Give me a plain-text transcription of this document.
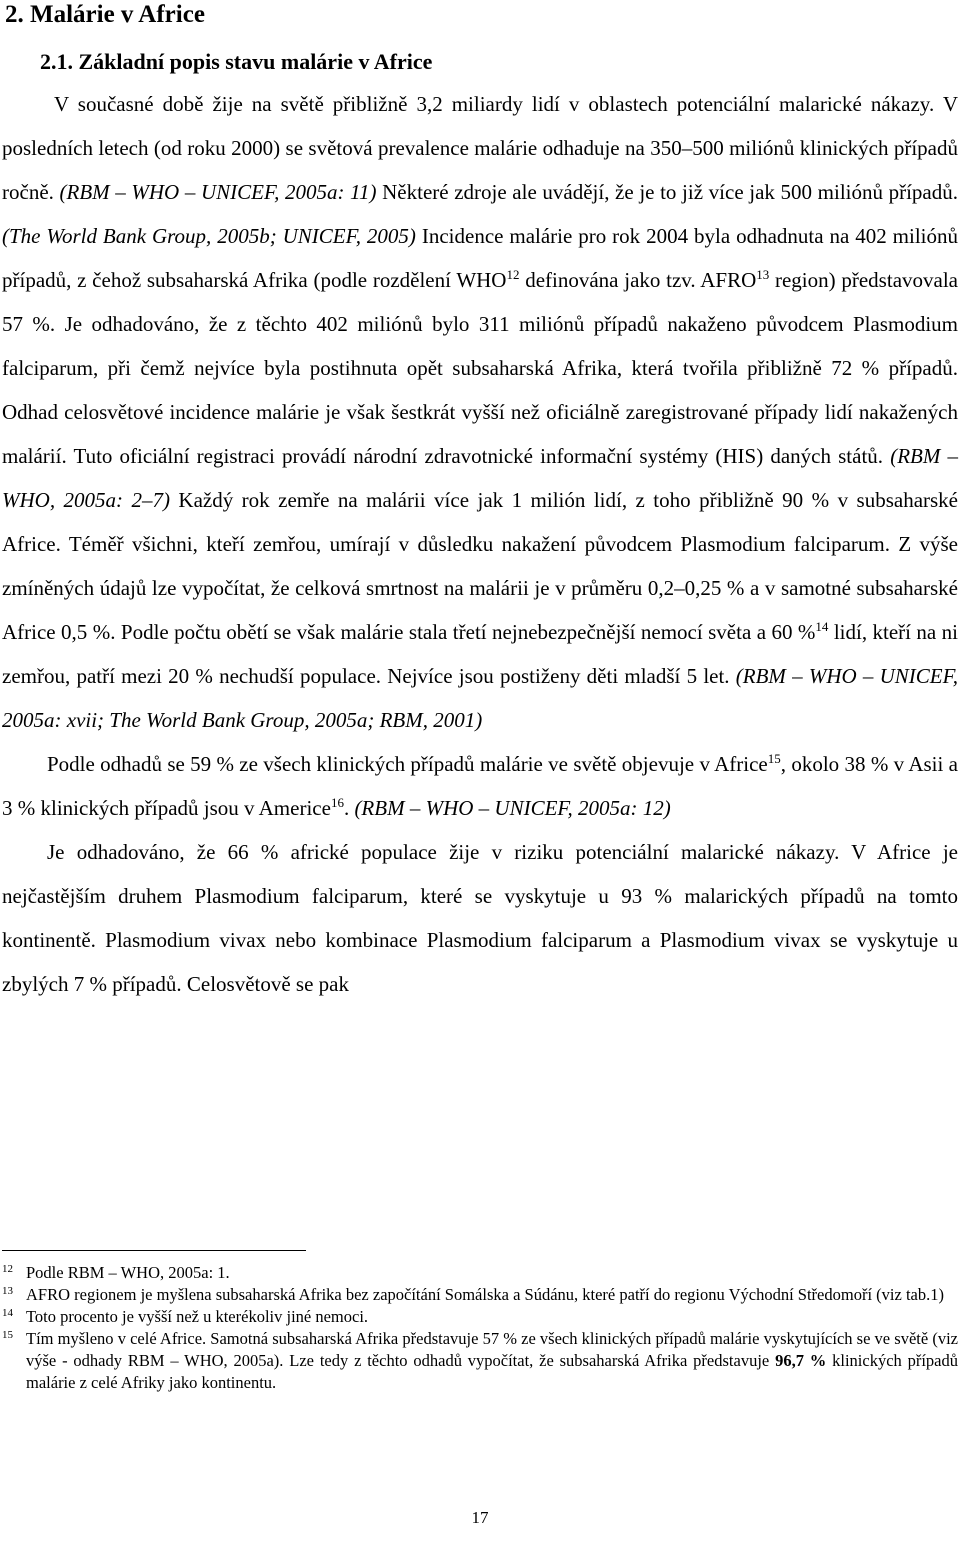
2. Malárie v Africe
2.1. Základní popis stavu malárie v Africe

V současné době žije na světě přibližně 3,2 miliardy lidí v oblastech potenciální malarické nákazy. V posledních letech (od roku 2000) se světová prevalence malárie odhaduje na 350–500 miliónů klinických případů ročně. (RBM – WHO – UNICEF, 2005a: 11) Některé zdroje ale uvádějí, že je to již více jak 500 miliónů případů. (The World Bank Group, 2005b; UNICEF, 2005) Incidence malárie pro rok 2004 byla odhadnuta na 402 miliónů případů, z čehož subsaharská Afrika (podle rozdělení WHO$^{12}$ definována jako tzv. AFRO$^{13}$ region) představovala 57 %. Je odhadováno, že z těchto 402 miliónů bylo 311 miliónů případů nakaženo původcem Plasmodium falciparum, při čemž nejvíce byla postihnuta opět subsaharská Afrika, která tvořila přibližně 72 % případů. Odhad celosvětové incidence malárie je však šestkrát vyšší než oficiálně zaregistrované případy lidí nakažených malárií. Tuto oficiální registraci provádí národní zdravotnické informační systémy (HIS) daných států. (RBM – WHO, 2005a: 2–7) Každý rok zemře na malárii více jak 1 milión lidí, z toho přibližně 90 % v subsaharské Africe. Téměř všichni, kteří zemřou, umírají v důsledku nakažení původcem Plasmodium falciparum. Z výše zmíněných údajů lze vypočítat, že celková smrtnost na malárii je v průměru 0,2–0,25 % a v samotné subsaharské Africe 0,5 %. Podle počtu obětí se však malárie stala třetí nejnebezpečnější nemocí světa a 60 %$^{14}$ lidí, kteří na ni zemřou, patří mezi 20 % nechudší populace. Nejvíce jsou postiženy děti mladší 5 let. (RBM – WHO – UNICEF, 2005a: xvii; The World Bank Group, 2005a; RBM, 2001)

Podle odhadů se 59 % ze všech klinických případů malárie ve světě objevuje v Africe$^{15}$, okolo 38 % v Asii a 3 % klinických případů jsou v Americe$^{16}$. (RBM – WHO – UNICEF, 2005a: 12)

Je odhadováno, že 66 % africké populace žije v riziku potenciální malarické nákazy. V Africe je nejčastějším druhem Plasmodium falciparum, které se vyskytuje u 93 % malarických případů na tomto kontinentě. Plasmodium vivax nebo kombinace Plasmodium falciparum a Plasmodium vivax se vyskytuje u zbylých 7 % případů. Celosvětově se pak

12 Podle RBM – WHO, 2005a: 1.

13 AFRO regionem je myšlena subsaharská Afrika bez započítání Somálska a Súdánu, které patří do regionu Východní Středomoří (viz tab.1)

14 Toto procento je vyšší než u kterékoliv jiné nemoci.

15 Tím myšleno v celé Africe. Samotná subsaharská Afrika představuje 57 % ze všech klinických případů malárie vyskytujících se ve světě (viz výše - odhady RBM – WHO, 2005a). Lze tedy z těchto odhadů vypočítat, že subsaharská Afrika představuje 96,7 % klinických případů malárie z celé Afriky jako kontinentu.

17
